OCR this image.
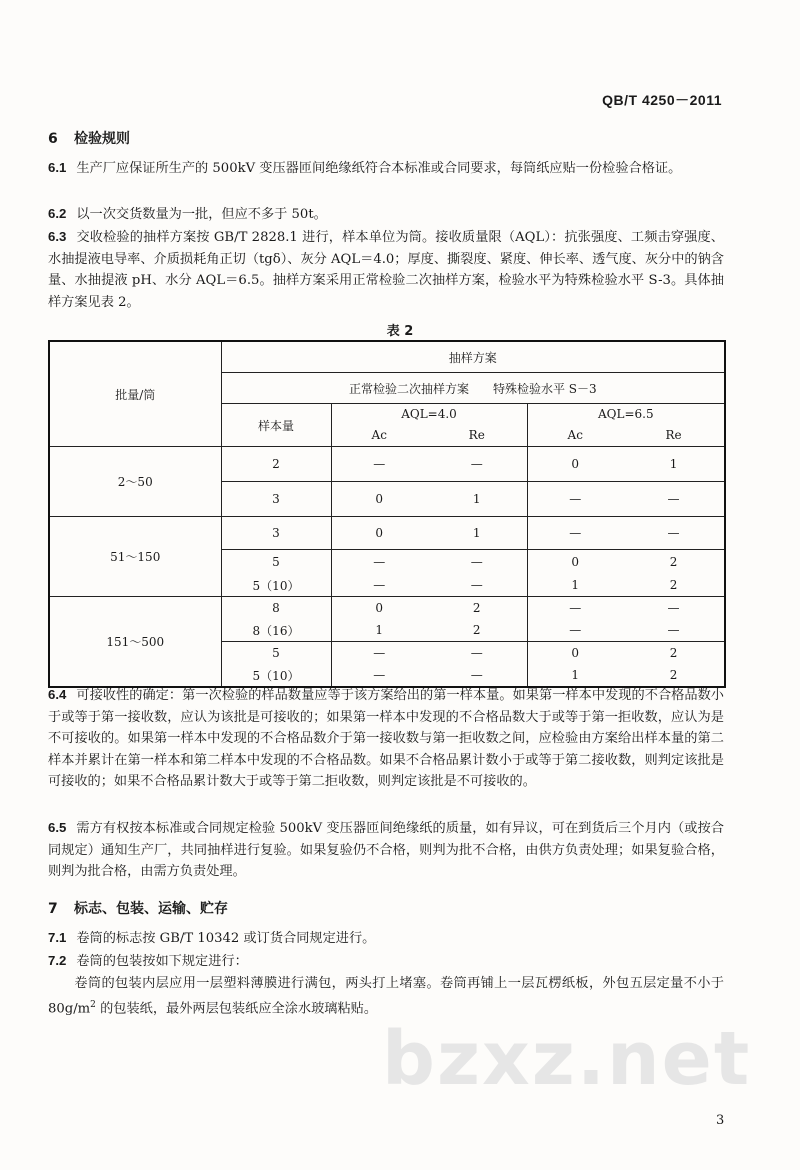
QB/T 4250－2011
6 检验规则
6.1 生产厂应保证所生产的 500kV 变压器匝间绝缘纸符合本标准或合同要求，每筒纸应贴一份检验合格证。
6.2 以一次交货数量为一批，但应不多于 50t。
6.3 交收检验的抽样方案按 GB/T 2828.1 进行，样本单位为筒。接收质量限（AQL）：抗张强度、工频击穿强度、水抽提液电导率、介质损耗角正切（tgδ）、灰分 AQL＝4.0；厚度、撕裂度、紧度、伸长率、透气度、灰分中的钠含量、水抽提液 pH、水分 AQL＝6.5。抽样方案采用正常检验二次抽样方案，检验水平为特殊检验水平 S-3。具体抽样方案见表 2。
表 2
批量/筒	抽样方案				
	正常检验二次抽样方案　　特殊检验水平 S－3				
	样本量	AQL=4.0		AQL=6.5	
		Ac	Re	Ac	Re
2～50	2	—	—	0	1
	3	0	1	—	—
51～150	3	0	1	—	—
	5	—	—	0	2
	5（10）	—	—	1	2
151～500	8	0	2	—	—
	8（16）	1	2	—	—
	5	—	—	0	2
	5（10）	—	—	1	2
6.4 可接收性的确定：第一次检验的样品数量应等于该方案给出的第一样本量。如果第一样本中发现的不合格品数小于或等于第一接收数，应认为该批是可接收的；如果第一样本中发现的不合格品数大于或等于第一拒收数，应认为是不可接收的。如果第一样本中发现的不合格品数介于第一接收数与第一拒收数之间，应检验由方案给出样本量的第二样本并累计在第一样本和第二样本中发现的不合格品数。如果不合格品累计数小于或等于第二接收数，则判定该批是可接收的；如果不合格品累计数大于或等于第二拒收数，则判定该批是不可接收的。
6.5 需方有权按本标准或合同规定检验 500kV 变压器匝间绝缘纸的质量，如有异议，可在到货后三个月内（或按合同规定）通知生产厂，共同抽样进行复验。如果复验仍不合格，则判为批不合格，由供方负责处理；如果复验合格，则判为批合格，由需方负责处理。
7 标志、包装、运输、贮存
7.1 卷筒的标志按 GB/T 10342 或订货合同规定进行。
7.2 卷筒的包装按如下规定进行：
卷筒的包装内层应用一层塑料薄膜进行满包，两头打上堵塞。卷筒再铺上一层瓦楞纸板，外包五层定量不小于 $80g/m^2$ 的包装纸，最外两层包装纸应全涂水玻璃粘贴。
bzxz.net
3
